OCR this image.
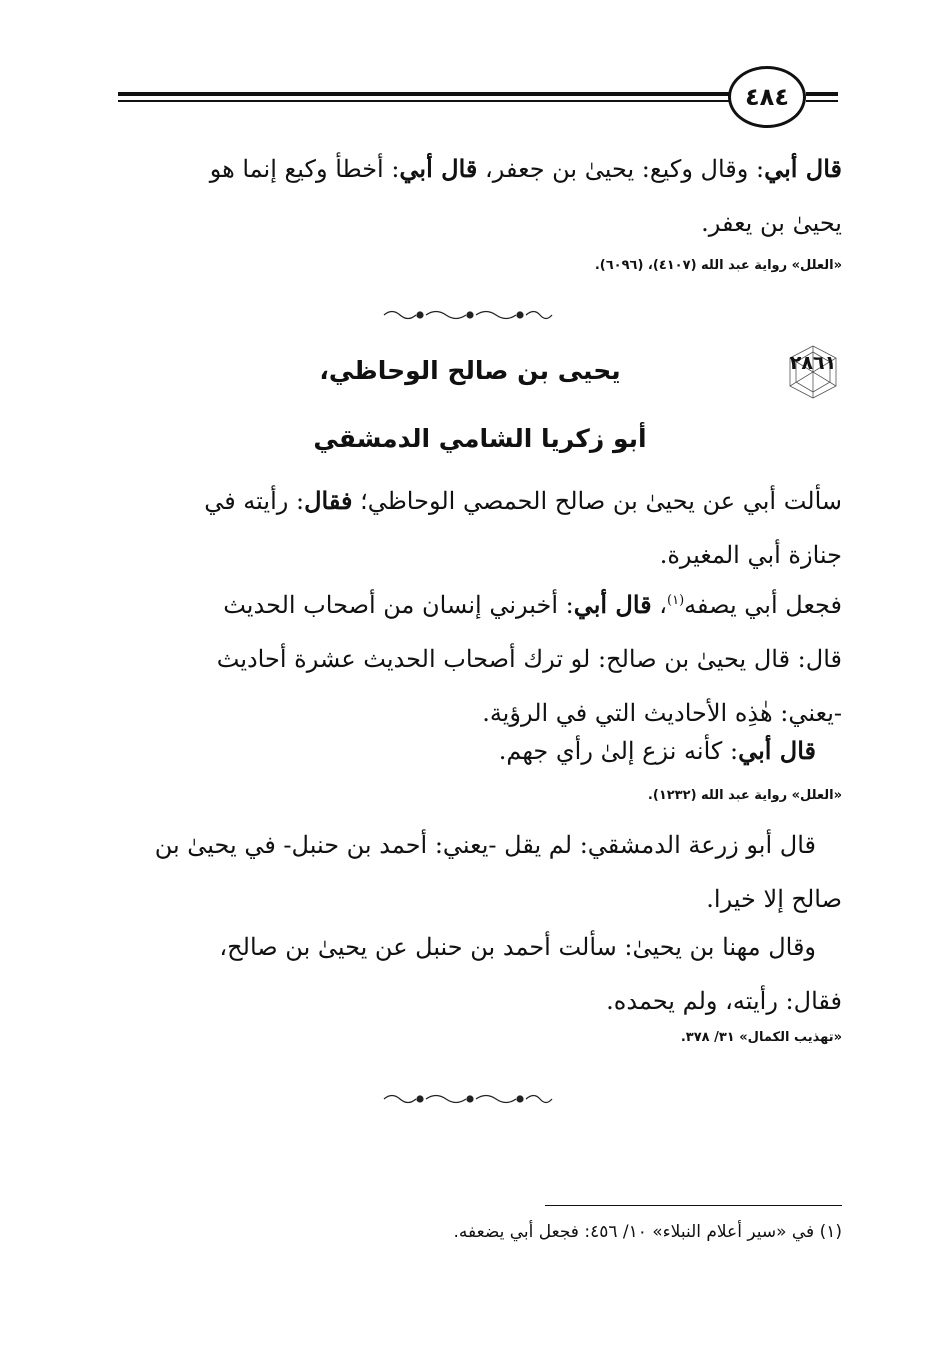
٤٨٤
قال أبي: وقال وكيع: يحيىٰ بن جعفر، قال أبي: أخطأ وكيع إنما هو
يحيىٰ بن يعفر.
«العلل» رواية عبد الله (٤١٠٧)، (٦٠٩٦).
٢٨٦١
يحيى بن صالح الوحاظي،
أبو زكريا الشامي الدمشقي
سألت أبي عن يحيىٰ بن صالح الحمصي الوحاظي؛ فقال: رأيته في
جنازة أبي المغيرة.
فجعل أبي يصفه$^{(١)}$، قال أبي: أخبرني إنسان من أصحاب الحديث
قال: قال يحيىٰ بن صالح: لو ترك أصحاب الحديث عشرة أحاديث
-يعني: هٰذِه الأحاديث التي في الرؤية.
قال أبي: كأنه نزع إلىٰ رأي جهم.
«العلل» رواية عبد الله (١٢٣٢).
قال أبو زرعة الدمشقي: لم يقل -يعني: أحمد بن حنبل- في يحيىٰ بن
صالح إلا خيرا.
وقال مهنا بن يحيىٰ: سألت أحمد بن حنبل عن يحيىٰ بن صالح،
فقال: رأيته، ولم يحمده.
«تهذيب الكمال» ٣١/ ٣٧٨.
(١) في «سير أعلام النبلاء» ١٠/ ٤٥٦: فجعل أبي يضعفه.
